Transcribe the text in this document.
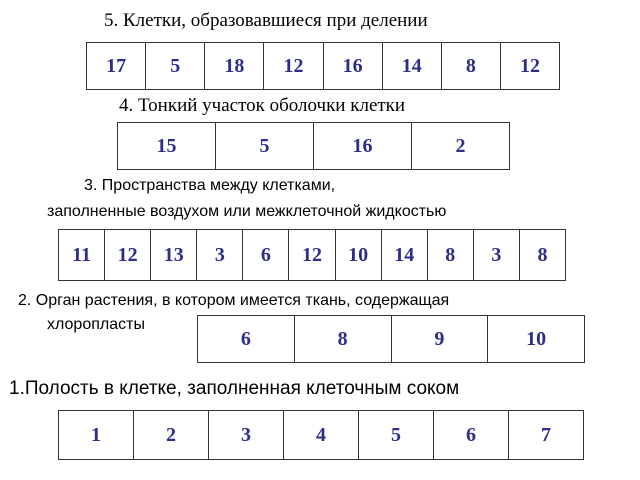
5. Клетки, образовавшиеся при делении
17	5	18	12	16	14	8	12
4. Тонкий участок оболочки клетки
15	5	16	2
3. Пространства между клетками,
заполненные воздухом или межклеточной жидкостью
11	12	13	3	6	12	10	14	8	3	8
2. Орган растения, в котором имеется ткань, содержащая
хлоропласты
6	8	9	10
1.Полость в клетке, заполненная клеточным соком
1	2	3	4	5	6	7
